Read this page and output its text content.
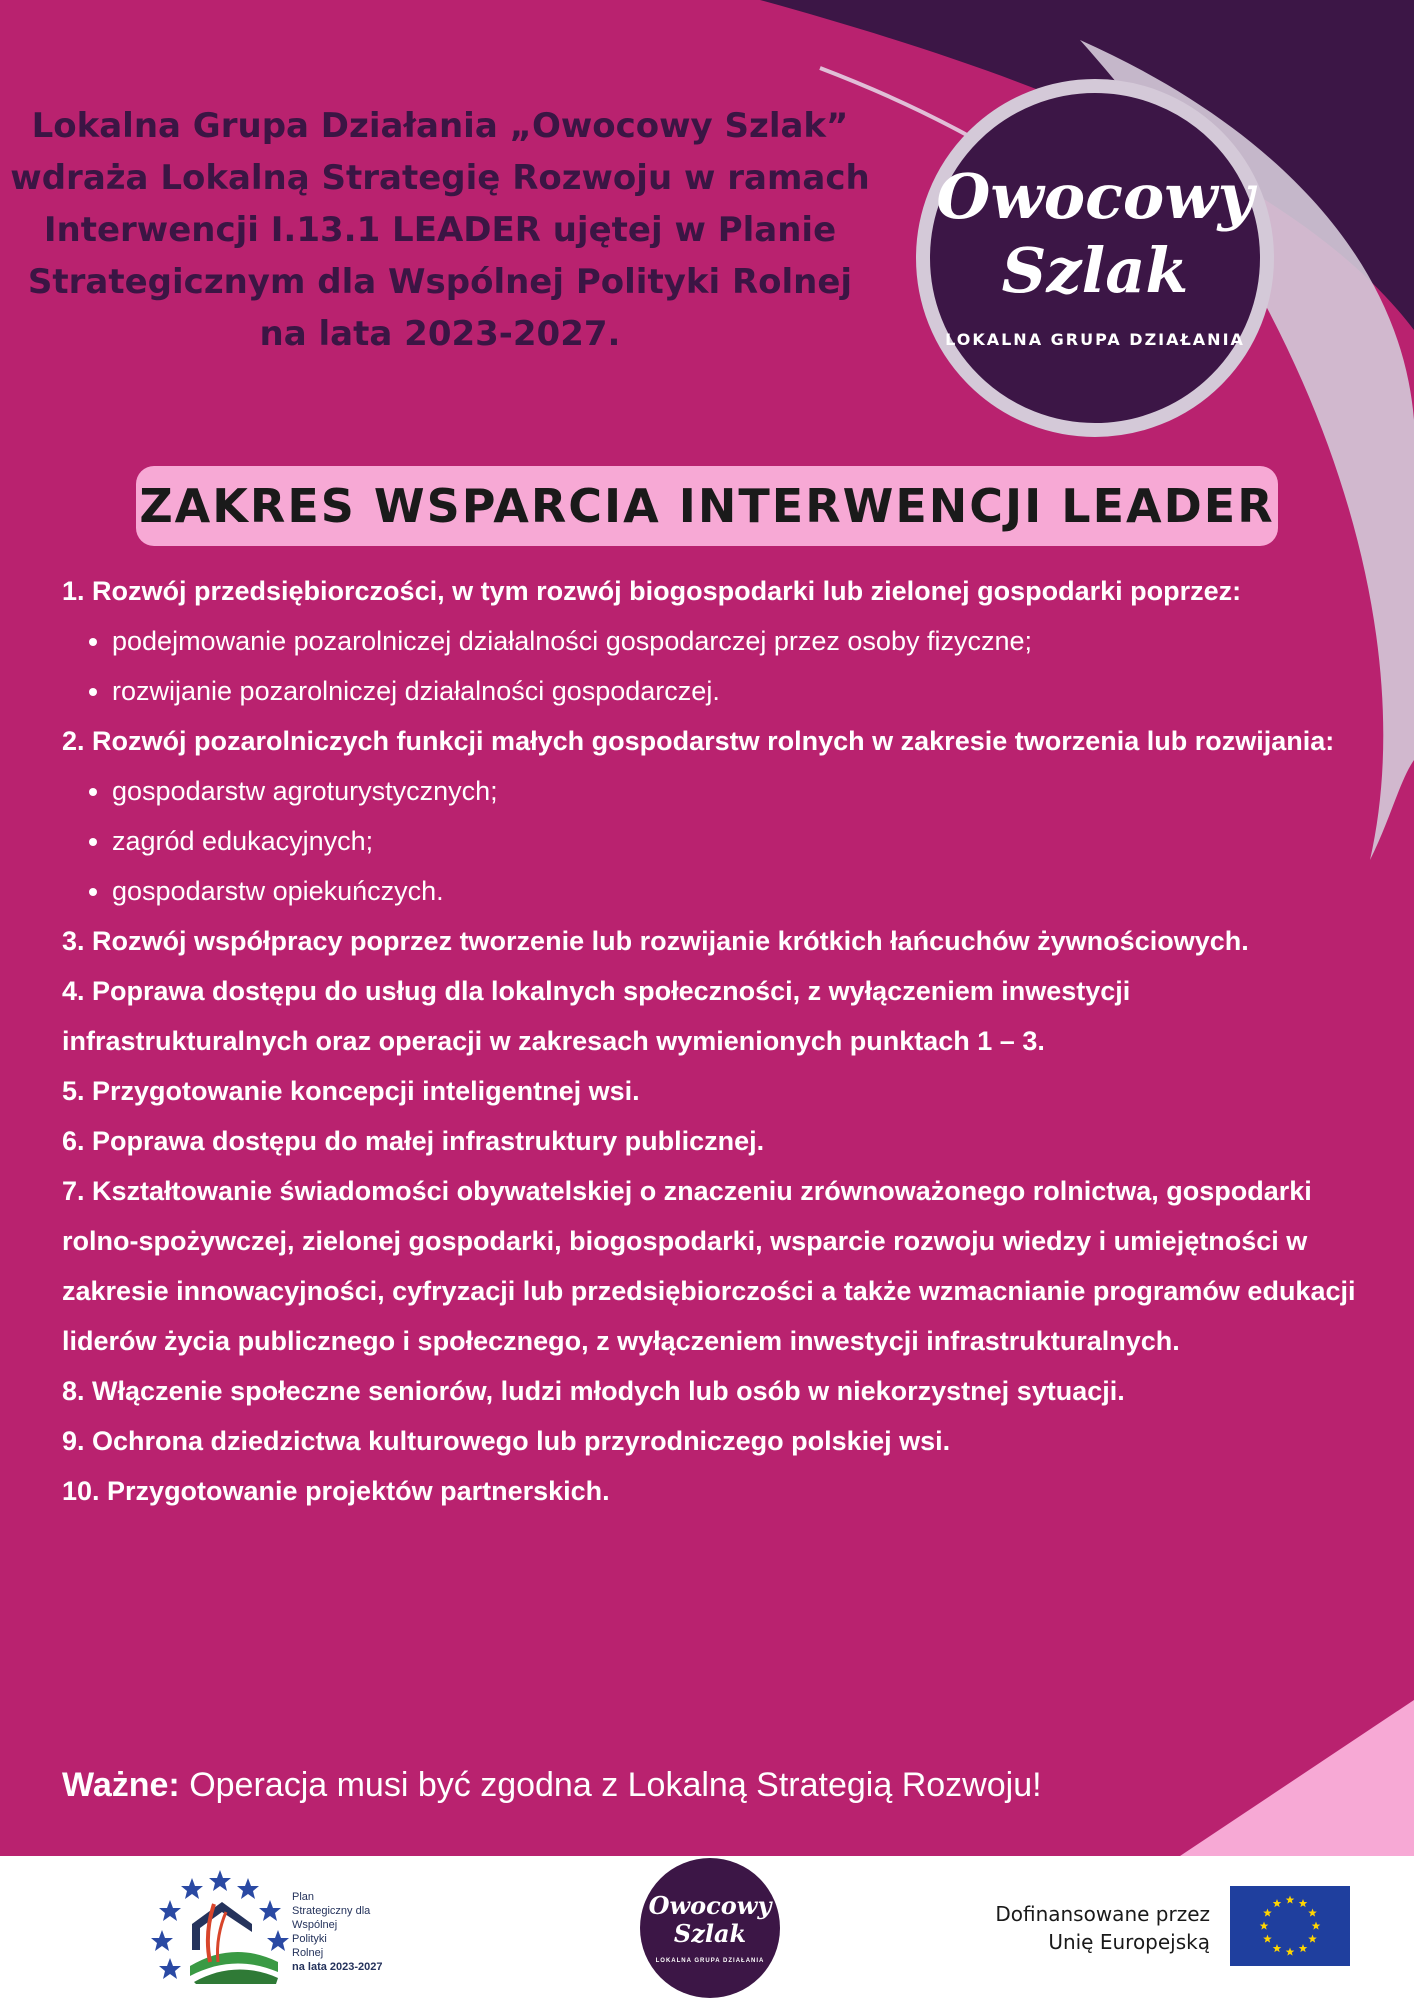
Lokalna Grupa Działania „Owocowy Szlak”
wdraża Lokalną Strategię Rozwoju w ramach
Interwencji I.13.1 LEADER ujętej w Planie
Strategicznym dla Wspólnej Polityki Rolnej
na lata 2023-2027.
Owocowy
Szlak
LOKALNA GRUPA DZIAŁANIA
ZAKRES WSPARCIA INTERWENCJI LEADER

1. Rozwój przedsiębiorczości, w tym rozwój biogospodarki lub zielonej gospodarki poprzez:

• podejmowanie pozarolniczej działalności gospodarczej przez osoby fizyczne;
• rozwijanie pozarolniczej działalności gospodarczej.

2. Rozwój pozarolniczych funkcji małych gospodarstw rolnych w zakresie tworzenia lub rozwijania:

• gospodarstw agroturystycznych;
• zagród edukacyjnych;
• gospodarstw opiekuńczych.

3. Rozwój współpracy poprzez tworzenie lub rozwijanie krótkich łańcuchów żywnościowych.

4. Poprawa dostępu do usług dla lokalnych społeczności, z wyłączeniem inwestycji infrastrukturalnych oraz operacji w zakresach wymienionych punktach 1 – 3.

5. Przygotowanie koncepcji inteligentnej wsi.

6. Poprawa dostępu do małej infrastruktury publicznej.

7. Kształtowanie świadomości obywatelskiej o znaczeniu zrównoważonego rolnictwa, gospodarki rolno-spożywczej, zielonej gospodarki, biogospodarki, wsparcie rozwoju wiedzy i umiejętności w zakresie innowacyjności, cyfryzacji lub przedsiębiorczości a także wzmacnianie programów edukacji liderów życia publicznego i społecznego, z wyłączeniem inwestycji infrastrukturalnych.

8. Włączenie społeczne seniorów, ludzi młodych lub osób w niekorzystnej sytuacji.

9. Ochrona dziedzictwa kulturowego lub przyrodniczego polskiej wsi.

10. Przygotowanie projektów partnerskich.

Ważne: Operacja musi być zgodna z Lokalną Strategią Rozwoju!
Plan
Strategiczny dla
Wspólnej
Polityki
Rolnej
na lata 2023-2027
Owocowy
Szlak
LOKALNA GRUPA DZIAŁANIA
Dofinansowane przez
Unię Europejską
